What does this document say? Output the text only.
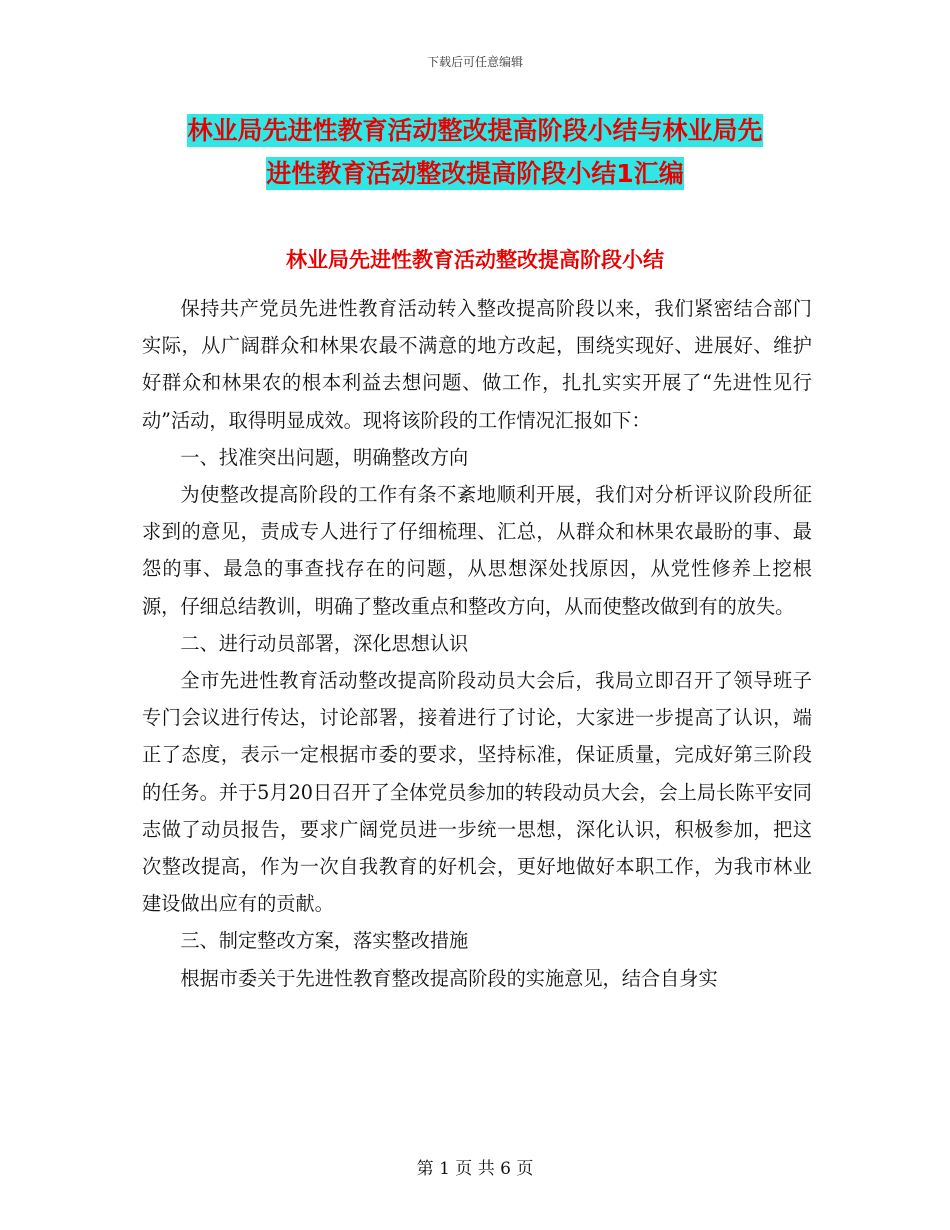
下载后可任意编辑
林业局先进性教育活动整改提高阶段小结与林业局先
进性教育活动整改提高阶段小结1汇编
林业局先进性教育活动整改提高阶段小结

保持共产党员先进性教育活动转入整改提高阶段以来，我们紧密结合部门实际，从广阔群众和林果农最不满意的地方改起，围绕实现好、进展好、维护好群众和林果农的根本利益去想问题、做工作，扎扎实实开展了“先进性见行动”活动，取得明显成效。现将该阶段的工作情况汇报如下：

一、找准突出问题，明确整改方向

为使整改提高阶段的工作有条不紊地顺利开展，我们对分析评议阶段所征求到的意见，责成专人进行了仔细梳理、汇总，从群众和林果农最盼的事、最怨的事、最急的事查找存在的问题，从思想深处找原因，从党性修养上挖根源，仔细总结教训，明确了整改重点和整改方向，从而使整改做到有的放失。

二、进行动员部署，深化思想认识

全市先进性教育活动整改提高阶段动员大会后，我局立即召开了领导班子专门会议进行传达，讨论部署，接着进行了讨论，大家进一步提高了认识，端正了态度，表示一定根据市委的要求，坚持标准，保证质量，完成好第三阶段的任务。并于5月20日召开了全体党员参加的转段动员大会，会上局长陈平安同志做了动员报告，要求广阔党员进一步统一思想，深化认识，积极参加，把这次整改提高，作为一次自我教育的好机会，更好地做好本职工作，为我市林业建设做出应有的贡献。

三、制定整改方案，落实整改措施

根据市委关于先进性教育整改提高阶段的实施意见，结合自身实

第 1 页 共 6 页
